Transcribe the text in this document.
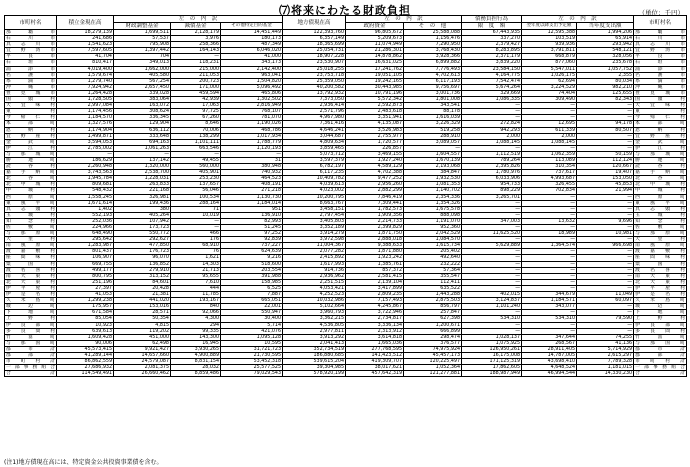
⑺将来にわたる財政負担	（単位：千円）
市町村名	積立金現在高	左　の　内　訳			地方債現在高	左　の　内　訳		債務負担行為	左　の　内　訳		市町村名
		財政調整基金	減債基金	その他特定目的基金		政府資金	そ　の　他	限　度　額	翌年度以降支出予定額	当年度支出額	
那覇市	18,279,139	1,699,511	2,128,179	14,451,449	122,393,760	96,805,672	25,588,088	67,443,935	12,595,388	1,994,206	那覇市
石川市	241,686	57,537	3,976	180,173	6,357,149	5,209,673	1,156,476	337,270	103,519	65,914	石川市
具志川市	1,541,623	795,908	258,366	487,349	18,365,699	11,074,949	7,290,950	2,379,427	939,936	293,942	具志川市
宜野湾市	7,597,605	1,397,442	164,143	6,046,020	25,054,731	21,286,301	3,768,430	8,283,895	3,791,811	548,121	宜野湾市
平良市	41,704	704	—	41,000	18,907,228	14,878,862	3,928,366	2,371,179	668,879	328,056	平良市
石垣市	810,417	349,013	118,231	343,173	23,530,907	16,631,025	6,899,882	3,839,220	877,060	235,678	石垣市
浦添市	4,019,400	1,662,000	215,000	2,142,400	25,018,255	17,241,762	7,776,493	23,584,150	5,547,011	1,057,752	浦添市
名護市	1,579,674	405,580	211,053	963,041	23,753,718	19,051,105	4,702,613	4,164,775	1,026,175	2,355	名護市
糸満市	1,279,740	567,254	200,723	1,504,820	25,359,050	19,242,165	6,117,193	7,542,474	62,694	80,034	糸満市
沖縄市	7,924,942	2,657,450	171,000	5,096,492	40,200,582	30,443,985	9,756,697	5,674,264	3,224,529	982,210	沖縄市
豊見城市	1,264,428	339,028	459,594	465,806	13,792,932	10,791,196	3,001,736	329,669	74,404	125,655	豊見城市
国頭村	1,728,505	383,064	42,939	1,302,502	7,373,050	5,572,342	1,801,008	1,086,335	309,490	82,343	国頭村
大宜味村	2,997,084	163,072	17,063	2,816,949	2,936,414	2,592,873	343,541	—	—	—	大宜味村
東村	1,174,456	308,624	97,725	768,107	2,571,796	2,483,618	88,178	—	—	—	東村
今帰仁村	1,184,570	336,345	67,260	781,070	4,967,980	3,351,941	1,616,039	—	—	—	今帰仁村
本部町	1,327,576	129,904	8,646	1,190,026	7,361,416	4,135,087	3,226,329	272,824	12,695	94,178	本部町
恩納村	1,174,904	636,112	70,006	468,786	4,646,241	3,526,983	519,258	942,293	611,339	80,507	恩納村
宜野座村	1,499,871	333,648	138,299	1,017,934	3,044,687	2,755,977	288,910	2,000	2,000	—	宜野座村
金武町	3,594,053	694,163	1,101,111	1,788,779	4,809,634	1,720,577	3,089,057	1,088,145	1,088,145	—	金武町
伊江村	2,785,002	1,061,263	663,546	1,120,193	3,859,465	226,857	—	—	—	—	伊江村
与那城町	—	—	—	—	5,073,712	3,469,155	1,604,557	1,112,519	1,062,359	50,159	与那城町
勝連町	186,629	137,142	49,455	31	3,597,379	1,927,240	1,670,139	789,264	113,089	112,124	勝連町
読谷村	2,260,948	1,320,000	560,000	380,948	6,782,197	4,589,129	2,193,068	2,395,826	310,354	120,667	読谷村
嘉手納町	3,743,563	2,538,700	405,901	740,932	6,117,235	4,702,388	384,847	1,780,976	737,617	19,407	嘉手納町
北谷町	1,945,784	1,228,031	253,230	464,523	10,409,782	9,477,252	1,932,530	6,033,906	4,993,687	153,050	北谷町
北中城村	809,681	263,833	137,657	408,191	4,039,613	2,956,260	1,081,353	954,733	326,455	45,853	北中城村
中城村	548,432	221,168	56,046	271,218	4,023,002	2,882,299	1,140,702	898,229	702,834	21,994	中城村
西原町	1,558,245	326,981	100,534	1,130,730	10,200,795	7,846,419	2,354,336	3,265,701	—	—	西原町
東風平町	1,671,614	199,436	288,164	1,184,014	8,663,767	7,309,441	1,354,326	—	—	—	東風平町
具志頭村	1,402	380	71	951	3,458,151	1,782,573	1,675,578	—	—	—	具志頭村
玉城村	552,193	405,264	10,019	136,910	2,797,454	1,909,356	888,098	—	—	—	玉城村
知念村	252,036	107,942	—	82,993	3,405,803	2,214,733	1,191,070	347,003	13,632	9,696	知念村
佐敷町	224,966	173,723	—	51,245	3,352,189	2,399,829	952,360	—	—	—	佐敷町
与那原町	648,490	550,772	466	97,252	3,914,279	1,871,750	2,042,529	11,625,520	18,989	10,981	与那原町
大里村	295,642	292,627	176	92,839	3,972,598	2,888,018	1,084,570	—	—	—	大里村
南風原町	1,283,987	477,850	68,910	737,227	11,004,367	9,388,633	1,615,734	5,629,889	1,364,574	966,698	南風原町
渡嘉敷村	801,437	176,723	76	624,639	2,077,282	1,871,880	205,402	—	—	—	渡嘉敷村
座間味村	106,907	96,070	1,621	9,216	2,415,892	1,923,242	492,640	—	—	—	座間味村
粟国村	669,755	136,852	14,303	518,600	1,617,993	1,385,761	232,222	—	—	—	粟国村
渡名喜村	499,177	279,910	21,713	203,554	914,736	857,372	57,364	—	—	—	渡名喜村
南大東村	800,795	313,152	95,655	391,988	2,936,962	2,581,415	355,547	—	—	—	南大東村
北大東村	251,196	84,601	7,610	158,985	2,251,515	2,139,104	112,411	—	—	—	北大東村
伊平屋村	27,397	20,428	444	6,525	4,053,421	3,417,899	635,522	—	—	—	伊平屋村
伊是名村	41,053	21,381	11,785	7,887	4,252,523	2,809,235	1,443,288	402,015	344,679	11,049	伊是名村
久米島町	1,299,238	441,020	193,167	665,051	10,032,986	7,157,493	2,875,503	3,124,837	1,184,571	60,097	久米島町
城辺町	175,957	153,016	840	22,001	5,102,664	4,245,867	856,797	1,101,240	343,077	—	城辺町
下地町	671,584	28,571	92,066	550,947	3,960,793	3,722,946	257,847	—	—	—	下地町
上野村	85,054	50,354	4,300	30,400	3,362,215	2,734,817	627,398	534,310	534,310	79,590	上野村
伊良部町	10,923	4,815	294	5,714	4,536,805	3,336,134	1,200,671	—	—	—	伊良部町
多良間村	639,613	119,202	99,335	421,076	2,977,811	2,313,912	666,899	—	—	—	多良間村
竹富町	1,609,428	451,000	143,300	1,095,128	3,913,292	3,614,818	298,474	1,028,137	347,644	74,255	竹富町
与那国町	90,006	62,498	16,945	10,595	2,041,413	1,665,036	376,577	1,075,925	268,567	41,136	与那国町
都市計	45,573,415	9,921,427	3,930,265	31,721,723	352,734,519	277,768,595	74,975,924	126,950,261	28,911,405	5,714,929	都市計
郡部計	41,289,144	14,657,660	4,900,889	21,730,595	186,880,685	141,423,512	45,457,173	16,175,008	14,787,005	2,615,297	郡部計
市町村計	86,862,559	24,579,087	8,831,154	53,452,318	539,615,204	419,309,707	120,225,497	171,125,319	43,698,410	7,789,328	市町村計
一部事務組合	27,686,932	2,081,375	28,032	25,577,525	39,304,985	38,017,621	1,052,364	17,862,605	4,648,524	1,181,015	一部事務組合
合計	114,549,491	26,660,462	8,859,486	79,029,543	578,920,199	457,642,319	121,277,881	188,987,949	46,994,544	14,330,230	合計
(注1)地方債現在高には、特定資金公共投資事業債を含む。
